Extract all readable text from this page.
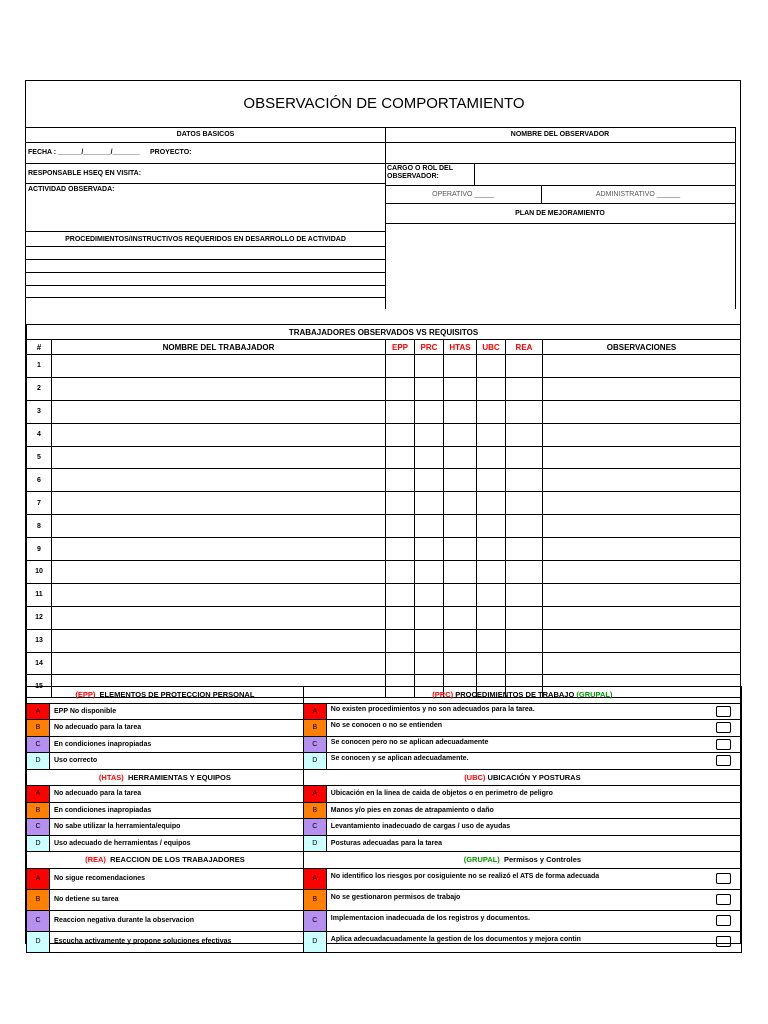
OBSERVACIÓN DE COMPORTAMIENTO
DATOS BASICOS	NOMBRE DEL OBSERVADOR
FECHA : ______/_______/_______ PROYECTO:
RESPONSABLE HSEQ EN VISITA:
ACTIVIDAD OBSERVADA:
CARGO O ROL DEL OBSERVADOR:
OPERATIVO _____	ADMINISTRATIVO ______
PLAN DE MEJORAMIENTO
PROCEDIMIENTOS/INSTRUCTIVOS REQUERIDOS EN DESARROLLO DE ACTIVIDAD
TRABAJADORES OBSERVADOS VS REQUISITOS							
#	NOMBRE DEL TRABAJADOR	EPP	PRC	HTAS	UBC	REA	OBSERVACIONES
1							
2							
3							
4							
5							
6							
7							
8							
9							
10							
11							
12							
13							
14							
15							
(EPP) ELEMENTOS DE PROTECCION PERSONAL		(PRC) PROCEDIMIENTOS DE TRABAJO (GRUPAL)	
A	EPP No disponible	A	No existen procedimientos y no son adecuados para la tarea.

B	No adecuado para la tarea	B	No se conocen o no se entienden

C	En condiciones inapropiadas	C	Se conocen pero no se aplican adecuadamente

D	Uso correcto	D	Se conocen y se aplican adecuadamente.

(HTAS) HERRAMIENTAS Y EQUIPOS		(UBC) UBICACIÓN Y POSTURAS	
A	No adecuado para la tarea	A	Ubicación en la linea de caida de objetos o en perimetro de peligro
B	En condiciones inapropiadas	B	Manos y/o pies en zonas de atrapamiento o daño
C	No sabe utilizar la herramienta/equipo	C	Levantamiento inadecuado de cargas / uso de ayudas
D	Uso adecuado de herramientas / equipos	D	Posturas adecuadas para la tarea
(REA) REACCION DE LOS TRABAJADORES		(GRUPAL) Permisos y Controles	
A	No sigue recomendaciones	A	No identifico los riesgos por cosiguiente no se realizó el ATS de forma adecuada

B	No detiene su tarea	B	No se gestionaron permisos de trabajo

C	Reaccion negativa durante la observacion	C	Implementacion inadecuada de los registros y documentos.

D	Escucha activamente y propone soluciones efectivas	D	Aplica adecuadacuadamente la gestion de los documentos y mejora contin
